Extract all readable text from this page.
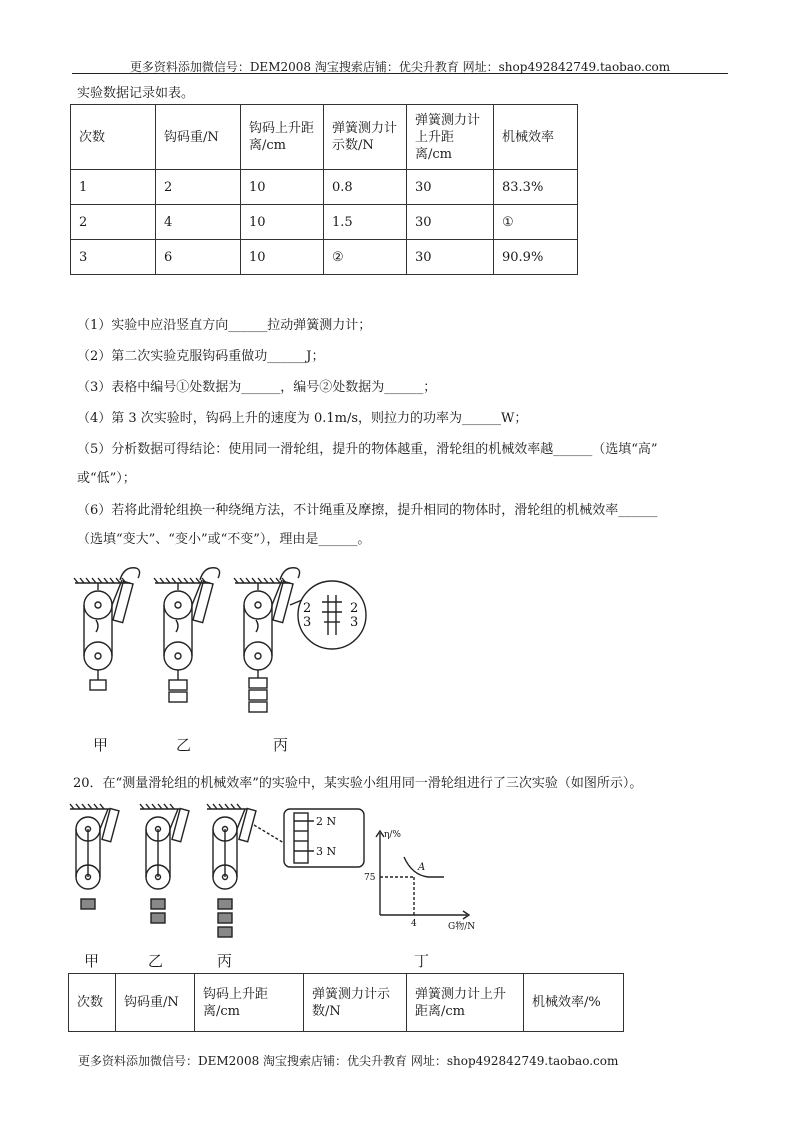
更多资料添加微信号：DEM2008 淘宝搜索店铺：优尖升教育 网址：shop492842749.taobao.com
实验数据记录如表。
次数	钩码重/N	钩码上升距离/cm	弹簧测力计示数/N	弹簧测力计上升距离/cm	机械效率
1	2	10	0.8	30	83.3%
2	4	10	1.5	30	①
3	6	10	②	30	90.9%
（1）实验中应沿竖直方向______拉动弹簧测力计；
（2）第二次实验克服钩码重做功______J；
（3）表格中编号①处数据为______，编号②处数据为______；
（4）第 3 次实验时，钩码上升的速度为 0.1m/s，则拉力的功率为______W；
（5）分析数据可得结论：使用同一滑轮组，提升的物体越重，滑轮组的机械效率越______（选填“高”
或“低”）；
（6）若将此滑轮组换一种绕绳方法，不计绳重及摩擦，提升相同的物体时，滑轮组的机械效率______
（选填“变大”、“变小”或“不变”），理由是______。
2
3
2
3
甲	乙	丙
20．在“测量滑轮组的机械效率”的实验中，某实验小组用同一滑轮组进行了三次实验（如图所示）。
2 N
3 N
η/%
G物/N
75
4
A
甲	乙	丙	丁
次数	钩码重/N	钩码上升距离/cm	弹簧测力计示数/N	弹簧测力计上升距离/cm	机械效率/%
更多资料添加微信号：DEM2008 淘宝搜索店铺：优尖升教育 网址：shop492842749.taobao.com
